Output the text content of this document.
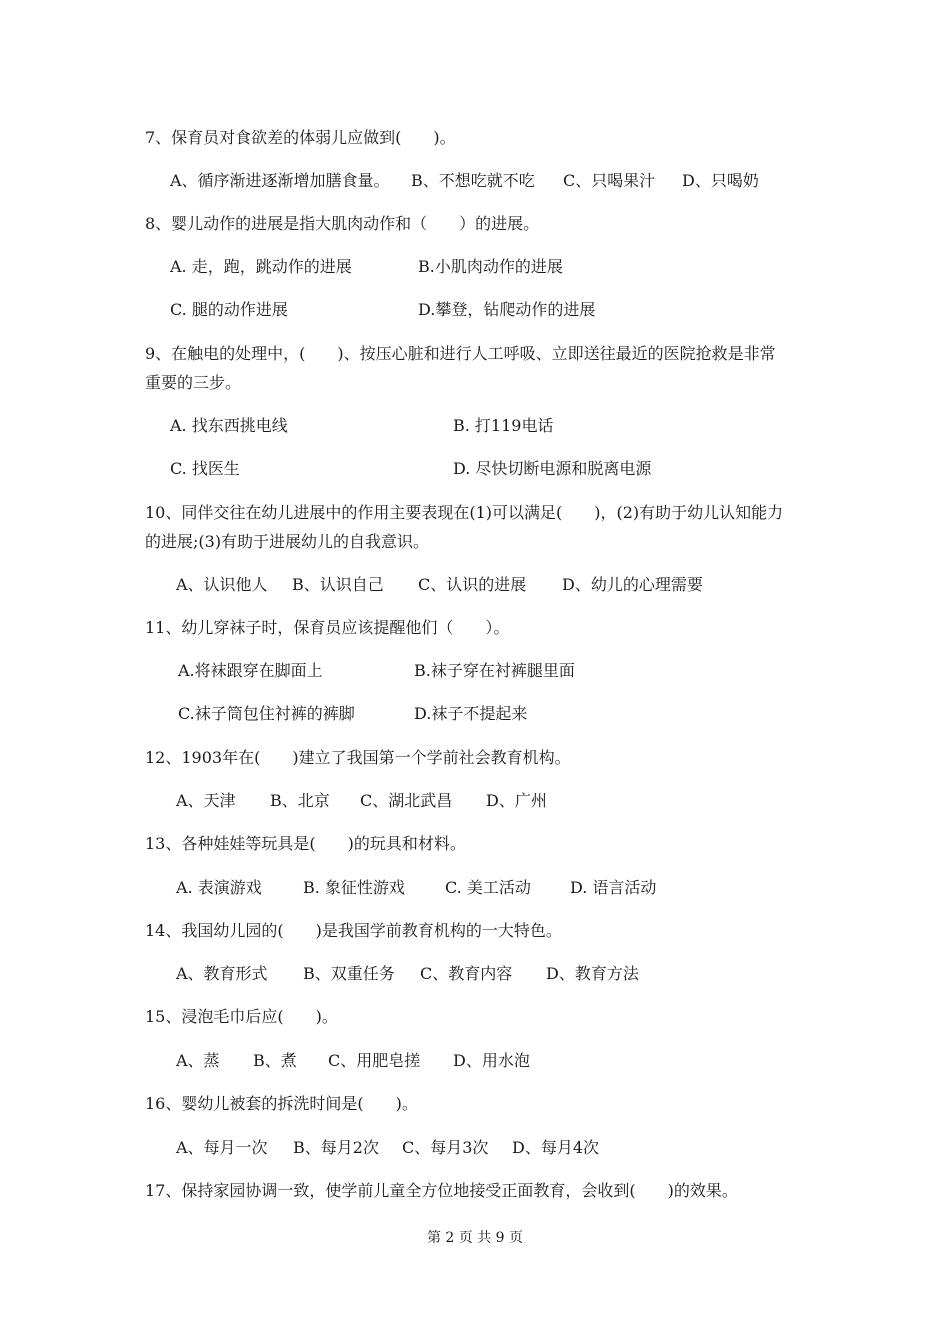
7、保育员对食欲差的体弱儿应做到(　　)。
A、循序渐进逐渐增加膳食量。 B、不想吃就不吃 C、只喝果汁 D、只喝奶
8、婴儿动作的进展是指大肌肉动作和（　　）的进展。
A. 走，跑，跳动作的进展	B.小肌肉动作的进展
C. 腿的动作进展	D.攀登，钻爬动作的进展
9、在触电的处理中，(　　)、按压心脏和进行人工呼吸、立即送往最近的医院抢救是非常
重要的三步。
A. 找东西挑电线	B. 打119电话
C. 找医生	D. 尽快切断电源和脱离电源
10、同伴交往在幼儿进展中的作用主要表现在(1)可以满足(　　)，(2)有助于幼儿认知能力
的进展;(3)有助于进展幼儿的自我意识。
A、认识他人 B、认识自己 C、认识的进展 D、幼儿的心理需要
11、幼儿穿袜子时，保育员应该提醒他们（　　）。
A.将袜跟穿在脚面上	B.袜子穿在衬裤腿里面
C.袜子筒包住衬裤的裤脚	D.袜子不提起来
12、1903年在(　　)建立了我国第一个学前社会教育机构。
A、天津 B、北京 C、湖北武昌 D、广州
13、各种娃娃等玩具是(　　)的玩具和材料。
A. 表演游戏	B. 象征性游戏	C. 美工活动 D. 语言活动
14、我国幼儿园的(　　)是我国学前教育机构的一大特色。
A、教育形式 B、双重任务 C、教育内容 D、教育方法
15、浸泡毛巾后应(　　)。
A、蒸 B、煮 C、用肥皂搓 D、用水泡
16、婴幼儿被套的拆洗时间是(　　)。
A、每月一次 B、每月2次 C、每月3次 D、每月4次
17、保持家园协调一致，使学前儿童全方位地接受正面教育，会收到(　　)的效果。
第 2 页 共 9 页
